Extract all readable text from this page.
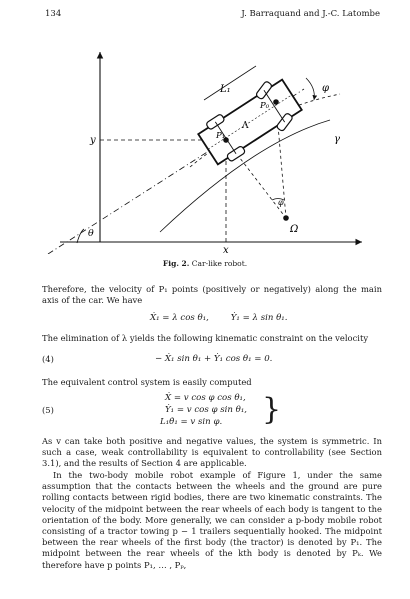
134	J. Barraquand and J.-C. Latombe
L₁
P₀
P₁
φ
Λ
γ
y
x
θ
φ
Ω
Fig. 2. Car-like robot.
Therefore, the velocity of P₁ points (positively or negatively) along the main axis of the car. We have
Ẋ₁ = λ cos θ₁,        Ẏ₁ = λ sin θ₁.
The elimination of λ yields the following kinematic constraint on the velocity
(4)	− Ẋ₁ sin θ₁ + Ẏ₁ cos θ₁ = 0.
The equivalent control system is easily computed
(5)
Ẋ = v cos φ cos θ₁,
Ẏ₁ = v cos φ sin θ₁,
L₁θ̇₁ = v sin φ. }
As v can take both positive and negative values, the system is symmetric. In such a case, weak controllability is equivalent to controllability (see Section 3.1), and the results of Section 4 are applicable.
In the two-body mobile robot example of Figure 1, under the same assumption that the contacts between the wheels and the ground are pure rolling contacts between rigid bodies, there are two kinematic constraints. The velocity of the midpoint between the rear wheels of each body is tangent to the orientation of the body. More generally, we can consider a p-body mobile robot consisting of a tractor towing p − 1 trailers sequentially hooked. The midpoint between the rear wheels of the first body (the tractor) is denoted by P₁. The midpoint between the rear wheels of the kth body is denoted by Pₖ. We therefore have p points P₁, … , Pₚ,
